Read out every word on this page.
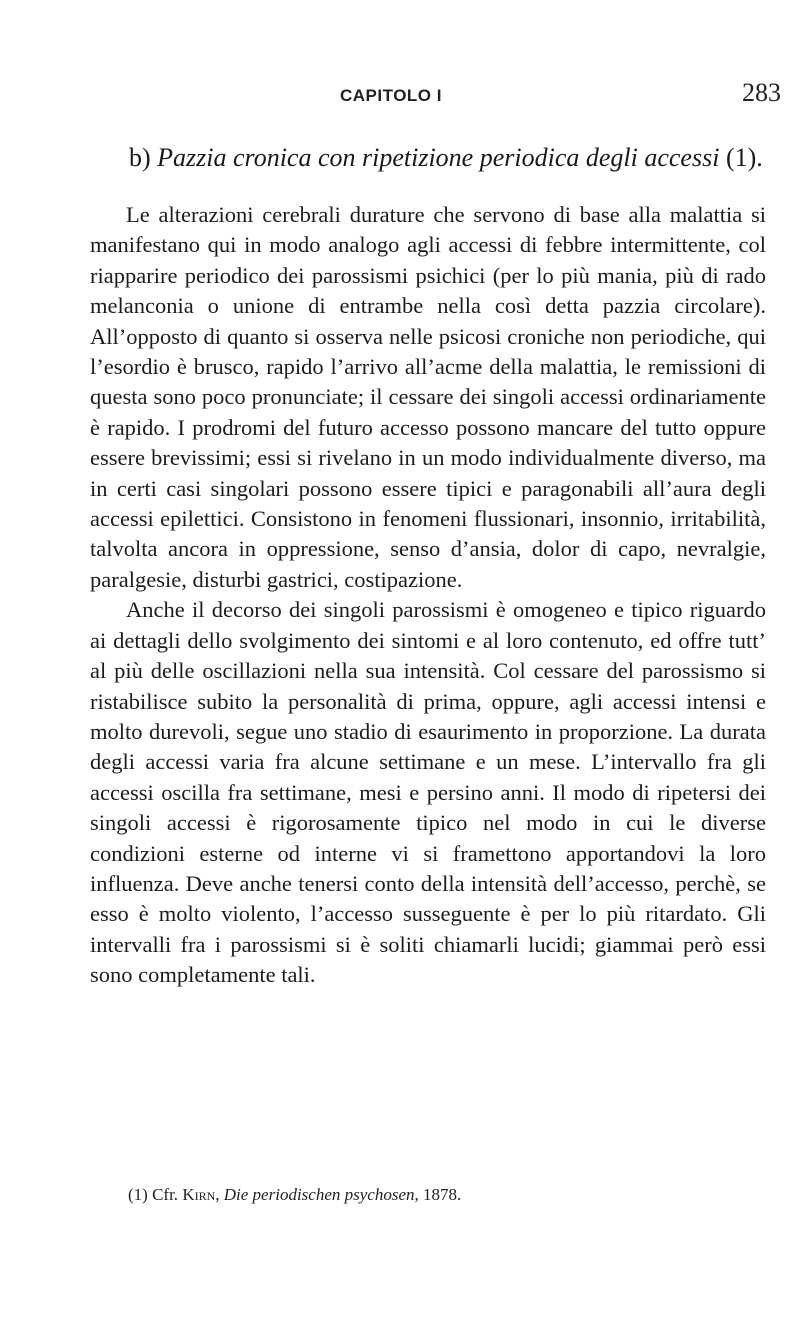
CAPITOLO I	283
b) Pazzia cronica con ripetizione periodica degli accessi (1).

Le alterazioni cerebrali durature che servono di base alla malattia si manifestano qui in modo analogo agli accessi di febbre intermittente, col riapparire periodico dei parossismi psichici (per lo più mania, più di rado melanconia o unione di entrambe nella così detta pazzia circolare). All’opposto di quanto si osserva nelle psicosi croniche non periodiche, qui l’esordio è brusco, rapido l’arrivo all’acme della malattia, le remissioni di questa sono poco pronunciate; il cessare dei singoli accessi ordinariamente è rapido. I prodromi del futuro accesso possono mancare del tutto oppure essere brevissimi; essi si rivelano in un modo individualmente diverso, ma in certi casi singolari possono essere tipici e paragonabili all’aura degli accessi epilettici. Consistono in fenomeni flussionari, insonnio, irritabilità, talvolta ancora in oppressione, senso d’ansia, dolor di capo, nevralgie, paralgesie, disturbi gastrici, costipazione.

Anche il decorso dei singoli parossismi è omogeneo e tipico riguardo ai dettagli dello svolgimento dei sintomi e al loro contenuto, ed offre tutt’ al più delle oscillazioni nella sua intensità. Col cessare del parossismo si ristabilisce subito la personalità di prima, oppure, agli accessi intensi e molto durevoli, segue uno stadio di esaurimento in proporzione. La durata degli accessi varia fra alcune settimane e un mese. L’intervallo fra gli accessi oscilla fra settimane, mesi e persino anni. Il modo di ripetersi dei singoli accessi è rigorosamente tipico nel modo in cui le diverse condizioni esterne od interne vi si framettono apportandovi la loro influenza. Deve anche tenersi conto della intensità dell’accesso, perchè, se esso è molto violento, l’accesso susseguente è per lo più ritardato. Gli intervalli fra i parossismi si è soliti chiamarli lucidi; giammai però essi sono completamente tali.

(1) Cfr. Kirn, Die periodischen psychosen, 1878.
